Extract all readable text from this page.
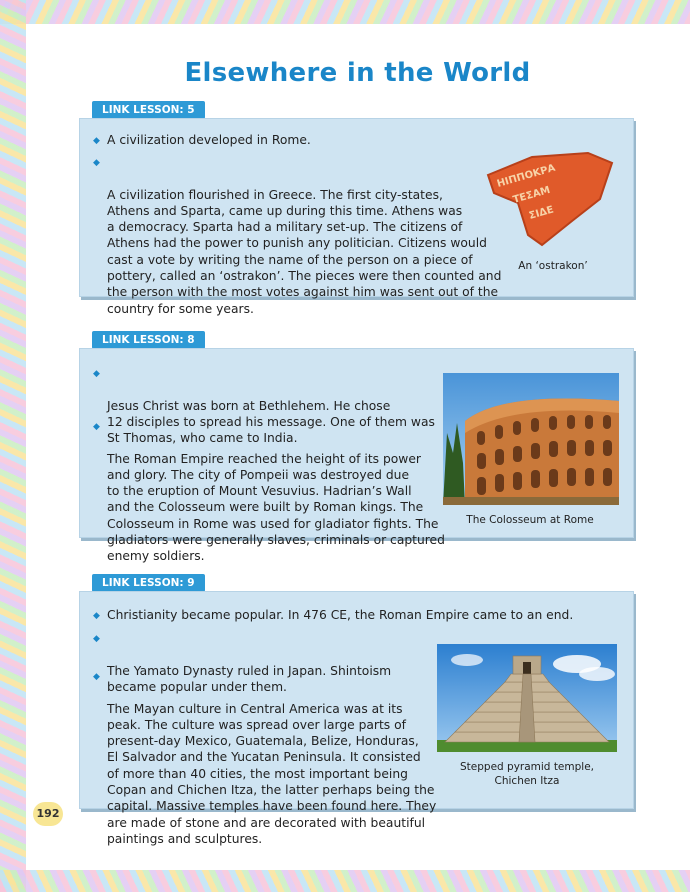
Elsewhere in the World
LINK LESSON: 5
◆ A civilization developed in Rome.

◆

A civilization flourished in Greece. The first city-states,
Athens and Sparta, came up during this time. Athens was
a democracy. Sparta had a military set-up. The citizens of
Athens had the power to punish any politician. Citizens would
cast a vote by writing the name of the person on a piece of
pottery, called an ‘ostrakon’. The pieces were then counted and
the person with the most votes against him was sent out of the
country for some years.

ΗΙΠΠΟΚΡΑ
ΤΕΣΑΜ
ΣΙΔΕ
An ‘ostrakon’
LINK LESSON: 8

◆

Jesus Christ was born at Bethlehem. He chose
12 disciples to spread his message. One of them was
St Thomas, who came to India.

◆

The Roman Empire reached the height of its power
and glory. The city of Pompeii was destroyed due
to the eruption of Mount Vesuvius. Hadrian’s Wall
and the Colosseum were built by Roman kings. The
Colosseum in Rome was used for gladiator fights. The
gladiators were generally slaves, criminals or captured
enemy soldiers.

The Colosseum at Rome
LINK LESSON: 9
◆ Christianity became popular. In 476 CE, the Roman Empire came to an end.

◆

The Yamato Dynasty ruled in Japan. Shintoism
became popular under them.

◆

The Mayan culture in Central America was at its
peak. The culture was spread over large parts of
present-day Mexico, Guatemala, Belize, Honduras,
El Salvador and the Yucatan Peninsula. It consisted
of more than 40 cities, the most important being
Copan and Chichen Itza, the latter perhaps being the
capital. Massive temples have been found here. They
are made of stone and are decorated with beautiful
paintings and sculptures.

Stepped pyramid temple,
Chichen Itza
192
